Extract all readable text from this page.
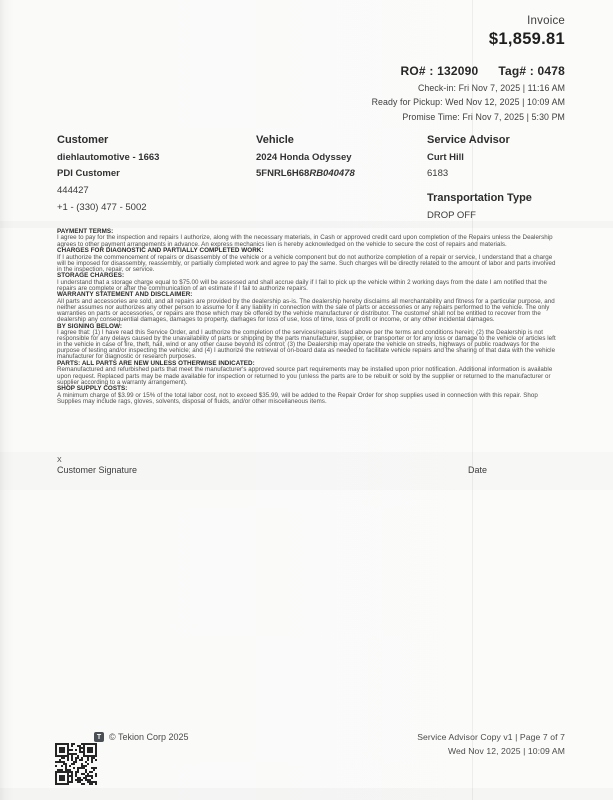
Invoice
$1,859.81
RO# : 132090 Tag# : 0478
Check-in: Fri Nov 7, 2025 | 11:16 AM
Ready for Pickup: Wed Nov 12, 2025 | 10:09 AM
Promise Time: Fri Nov 7, 2025 | 5:30 PM
Customer
diehlautomotive - 1663
PDI Customer
444427
+1 - (330) 477 - 5002
Vehicle
2024 Honda Odyssey
5FNRL6H68RB040478
Service Advisor
Curt Hill
6183
Transportation Type
DROP OFF
PAYMENT TERMS:
I agree to pay for the inspection and repairs I authorize, along with the necessary materials, in Cash or approved credit card upon completion of the Repairs unless the Dealership agrees to other payment arrangements in advance. An express mechanics lien is hereby acknowledged on the vehicle to secure the cost of repairs and materials.
CHARGES FOR DIAGNOSTIC AND PARTIALLY COMPLETED WORK:
If I authorize the commencement of repairs or disassembly of the vehicle or a vehicle component but do not authorize completion of a repair or service, I understand that a charge will be imposed for disassembly, reassembly, or partially completed work and agree to pay the same. Such charges will be directly related to the amount of labor and parts involved in the inspection, repair, or service.
STORAGE CHARGES:
I understand that a storage charge equal to $75.00 will be assessed and shall accrue daily if I fail to pick up the vehicle within 2 working days from the date I am notified that the repairs are complete or after the communication of an estimate if I fail to authorize repairs.
WARRANTY STATEMENT AND DISCLAIMER:
All parts and accessories are sold, and all repairs are provided by the dealership as-is. The dealership hereby disclaims all merchantability and fitness for a particular purpose, and neither assumes nor authorizes any other person to assume for it any liability in connection with the sale of parts or accessories or any repairs performed to the vehicle. The only warranties on parts or accessories, or repairs are those which may be offered by the vehicle manufacturer or distributor. The customer shall not be entitled to recover from the dealership any consequential damages, damages to property, damages for loss of use, loss of time, loss of profit or income, or any other incidental damages.
BY SIGNING BELOW:
I agree that: (1) I have read this Service Order, and I authorize the completion of the services/repairs listed above per the terms and conditions herein; (2) the Dealership is not responsible for any delays caused by the unavailability of parts or shipping by the parts manufacturer, supplier, or transporter or for any loss or damage to the vehicle or articles left in the vehicle in case of fire, theft, hail, wind or any other cause beyond its control; (3) the Dealership may operate the vehicle on streets, highways or public roadways for the purpose of testing and/or inspecting the vehicle; and (4) I authorize the retrieval of on-board data as needed to facilitate vehicle repairs and the sharing of that data with the vehicle manufacturer for diagnostic or research purposes.
PARTS: ALL PARTS ARE NEW UNLESS OTHERWISE INDICATED:
Remanufactured and refurbished parts that meet the manufacturer's approved source part requirements may be installed upon prior notification. Additional information is available upon request. Replaced parts may be made available for inspection or returned to you (unless the parts are to be rebuilt or sold by the supplier or returned to the manufacturer or supplier according to a warranty arrangement).
SHOP SUPPLY COSTS:
A minimum charge of $3.99 or 15% of the total labor cost, not to exceed $35.99, will be added to the Repair Order for shop supplies used in connection with this repair. Shop Supplies may include rags, gloves, solvents, disposal of fluids, and/or other miscellaneous items.
X
Customer Signature	Date
T © Tekion Corp 2025	Service Advisor Copy v1 | Page 7 of 7
Wed Nov 12, 2025 | 10:09 AM
